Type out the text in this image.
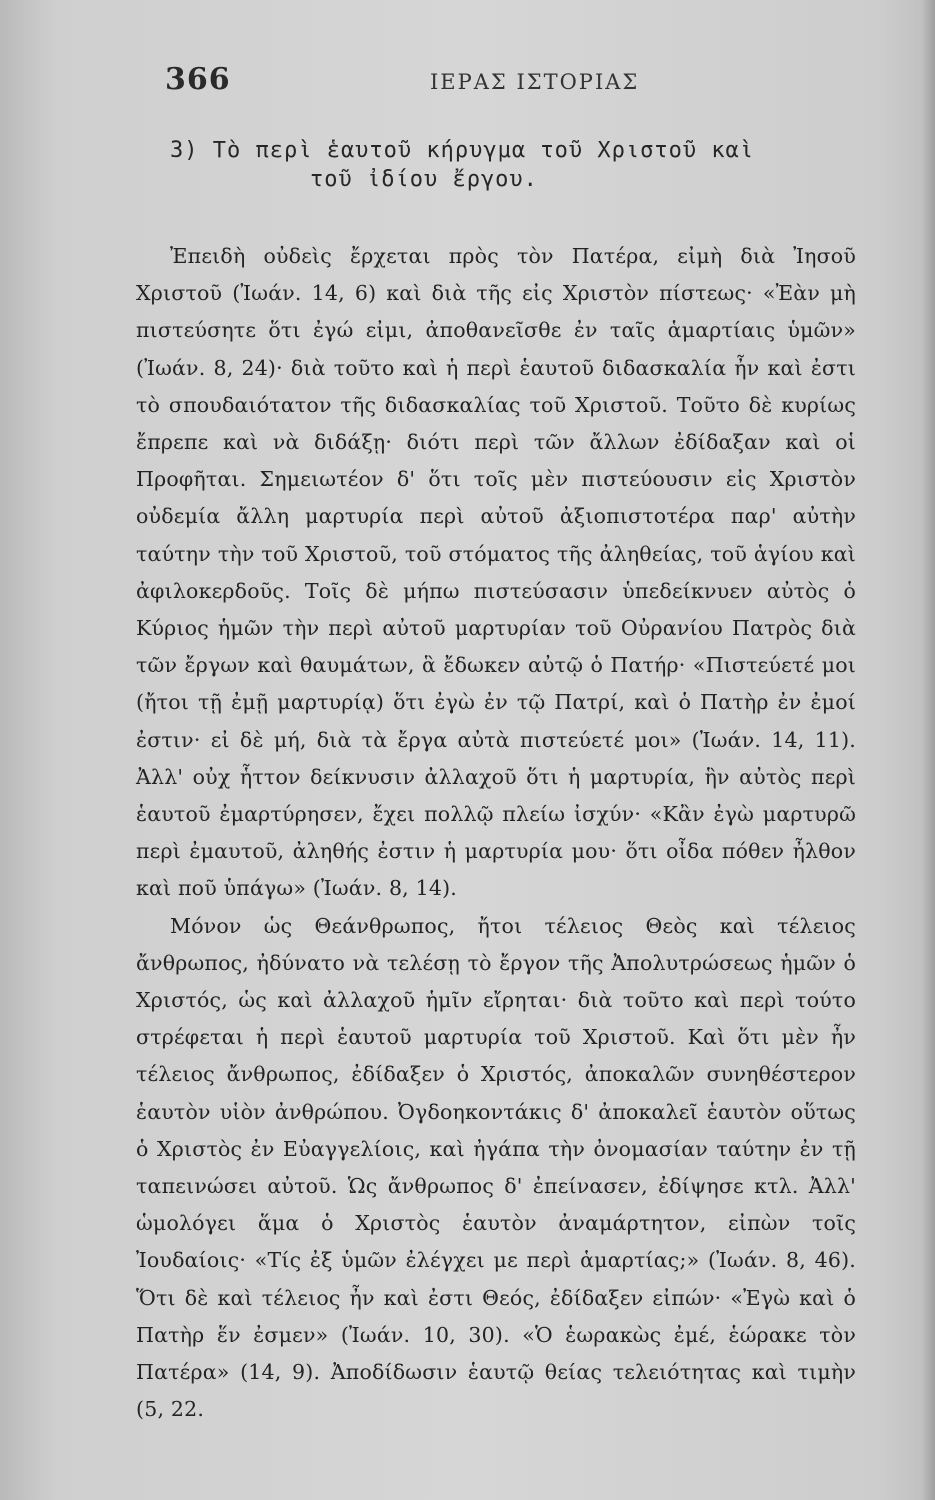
366	ΙΕΡΑΣ ΙΣΤΟΡΙΑΣ
3) Τὸ περὶ ἑαυτοῦ κήρυγμα τοῦ Χριστοῦ καὶ
τοῦ ἰδίου ἔργου.

Ἐπειδὴ οὐδεὶς ἔρχεται πρὸς τὸν Πατέρα, εἰμὴ διὰ Ἰησοῦ Χριστοῦ (Ἰωάν. 14, 6) καὶ διὰ τῆς εἰς Χριστὸν πίστεως· «Ἐὰν μὴ πιστεύσητε ὅτι ἐγώ εἰμι, ἀποθανεῖσθε ἐν ταῖς ἁμαρτίαις ὑμῶν» (Ἰωάν. 8, 24)· διὰ τοῦτο καὶ ἡ περὶ ἑαυτοῦ διδασκαλία ἦν καὶ ἐστι τὸ σπουδαιότατον τῆς διδασκαλίας τοῦ Χριστοῦ. Τοῦτο δὲ κυρίως ἔπρεπε καὶ νὰ διδάξῃ· διότι περὶ τῶν ἄλλων ἐδίδαξαν καὶ οἱ Προφῆται. Σημειωτέον δ' ὅτι τοῖς μὲν πιστεύουσιν εἰς Χριστὸν οὐδεμία ἄλλη μαρτυρία περὶ αὐτοῦ ἀξιοπιστοτέρα παρ' αὐτὴν ταύτην τὴν τοῦ Χριστοῦ, τοῦ στόματος τῆς ἀληθείας, τοῦ ἁγίου καὶ ἀφιλοκερδοῦς. Τοῖς δὲ μήπω πιστεύσασιν ὑπεδείκνυεν αὐτὸς ὁ Κύριος ἡμῶν τὴν περὶ αὐτοῦ μαρτυρίαν τοῦ Οὐρανίου Πατρὸς διὰ τῶν ἔργων καὶ θαυμάτων, ἃ ἔδωκεν αὐτῷ ὁ Πατήρ· «Πιστεύετέ μοι (ἤτοι τῇ ἐμῇ μαρτυρίᾳ) ὅτι ἐγὼ ἐν τῷ Πατρί, καὶ ὁ Πατὴρ ἐν ἐμοί ἐστιν· εἰ δὲ μή, διὰ τὰ ἔργα αὐτὰ πιστεύετέ μοι» (Ἰωάν. 14, 11). Ἀλλ' οὐχ ἧττον δείκνυσιν ἀλλαχοῦ ὅτι ἡ μαρτυρία, ἣν αὐτὸς περὶ ἑαυτοῦ ἐμαρτύρησεν, ἔχει πολλῷ πλείω ἰσχύν· «Κἂν ἐγὼ μαρτυρῶ περὶ ἐμαυτοῦ, ἀληθής ἐστιν ἡ μαρτυρία μου· ὅτι οἶδα πόθεν ἦλθον καὶ ποῦ ὑπάγω» (Ἰωάν. 8, 14).

Μόνον ὡς Θεάνθρωπος, ἤτοι τέλειος Θεὸς καὶ τέλειος ἄνθρωπος, ἠδύνατο νὰ τελέσῃ τὸ ἔργον τῆς Ἀπολυτρώσεως ἡμῶν ὁ Χριστός, ὡς καὶ ἀλλαχοῦ ἡμῖν εἴρηται· διὰ τοῦτο καὶ περὶ τούτο στρέφεται ἡ περὶ ἑαυτοῦ μαρτυρία τοῦ Χριστοῦ. Καὶ ὅτι μὲν ἦν τέλειος ἄνθρωπος, ἐδίδαξεν ὁ Χριστός, ἀποκαλῶν συνηθέστερον ἑαυτὸν υἱὸν ἀνθρώπου. Ὀγδοηκοντάκις δ' ἀποκαλεῖ ἑαυτὸν οὕτως ὁ Χριστὸς ἐν Εὐαγγελίοις, καὶ ἠγάπα τὴν ὀνομασίαν ταύτην ἐν τῇ ταπεινώσει αὐτοῦ. Ὡς ἄνθρωπος δ' ἐπείνασεν, ἐδίψησε κτλ. Ἀλλ' ὡμολόγει ἅμα ὁ Χριστὸς ἑαυτὸν ἀναμάρτητον, εἰπὼν τοῖς Ἰουδαίοις· «Τίς ἐξ ὑμῶν ἐλέγχει με περὶ ἁμαρτίας;» (Ἰωάν. 8, 46). Ὅτι δὲ καὶ τέλειος ἦν καὶ ἐστι Θεός, ἐδίδαξεν εἰπών· «Ἐγὼ καὶ ὁ Πατὴρ ἕν ἐσμεν» (Ἰωάν. 10, 30). «Ὁ ἑωρακὼς ἐμέ, ἑώρακε τὸν Πατέρα» (14, 9). Ἀποδίδωσιν ἑαυτῷ θείας τελειότητας καὶ τιμὴν (5, 22.
